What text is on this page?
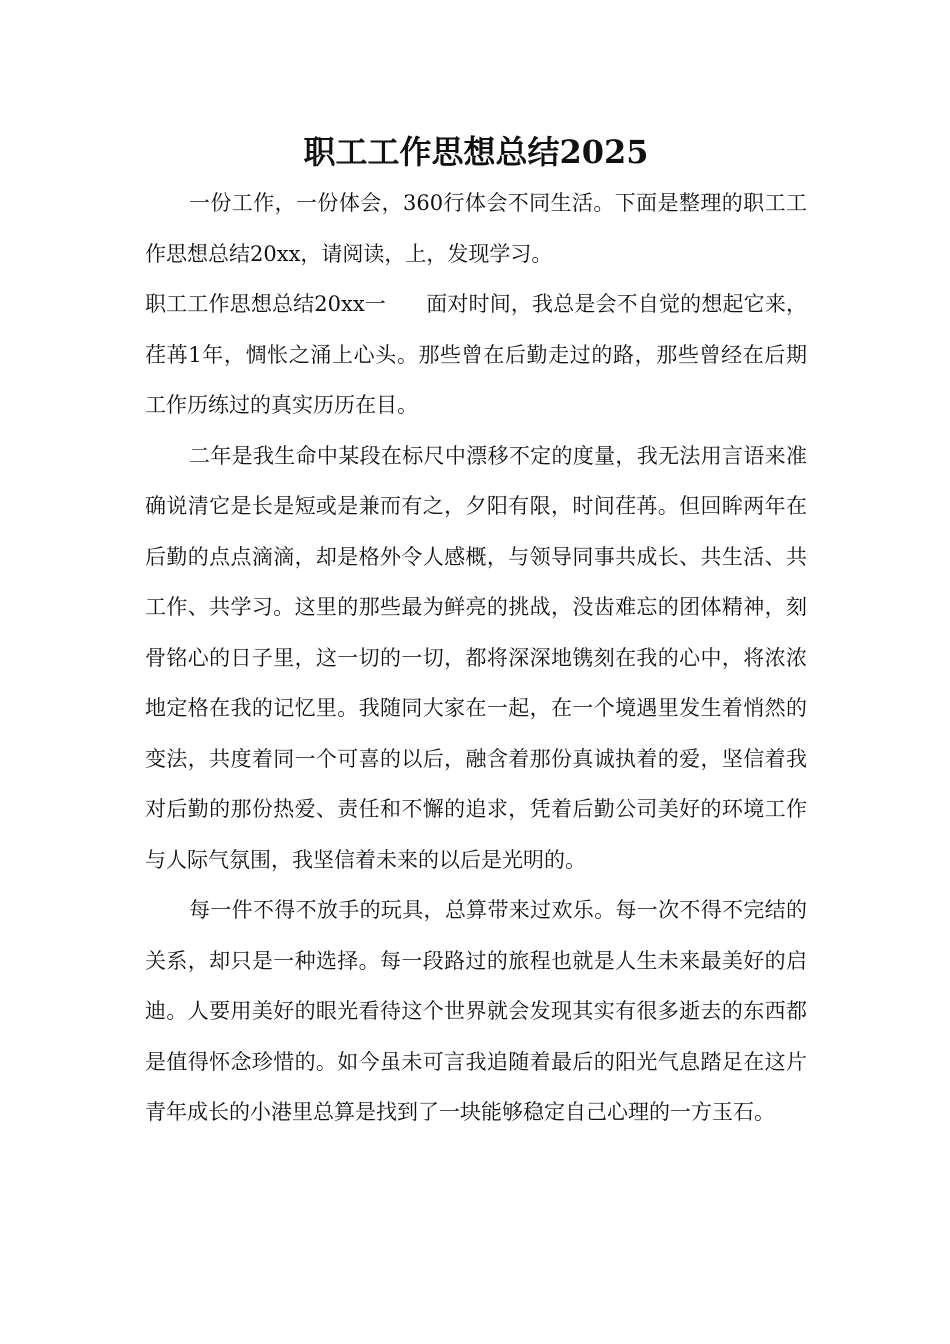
职工工作思想总结2025

一份工作，一份体会，360行体会不同生活。下面是整理的职工工作思想总结20xx，请阅读，上，发现学习。

职工工作思想总结20xx一 面对时间，我总是会不自觉的想起它来，荏苒1年，惆怅之涌上心头。那些曾在后勤走过的路，那些曾经在后期工作历练过的真实历历在目。

二年是我生命中某段在标尺中漂移不定的度量，我无法用言语来准确说清它是长是短或是兼而有之，夕阳有限，时间荏苒。但回眸两年在后勤的点点滴滴，却是格外令人感概，与领导同事共成长、共生活、共工作、共学习。这里的那些最为鲜亮的挑战，没齿难忘的团体精神，刻骨铭心的日子里，这一切的一切，都将深深地镌刻在我的心中，将浓浓地定格在我的记忆里。我随同大家在一起，在一个境遇里发生着悄然的变法，共度着同一个可喜的以后，融含着那份真诚执着的爱，坚信着我对后勤的那份热爱、责任和不懈的追求，凭着后勤公司美好的环境工作与人际气氛围，我坚信着未来的以后是光明的。

每一件不得不放手的玩具，总算带来过欢乐。每一次不得不完结的关系，却只是一种选择。每一段路过的旅程也就是人生未来最美好的启迪。人要用美好的眼光看待这个世界就会发现其实有很多逝去的东西都是值得怀念珍惜的。如今虽未可言我追随着最后的阳光气息踏足在这片青年成长的小港里总算是找到了一块能够稳定自己心理的一方玉石。
